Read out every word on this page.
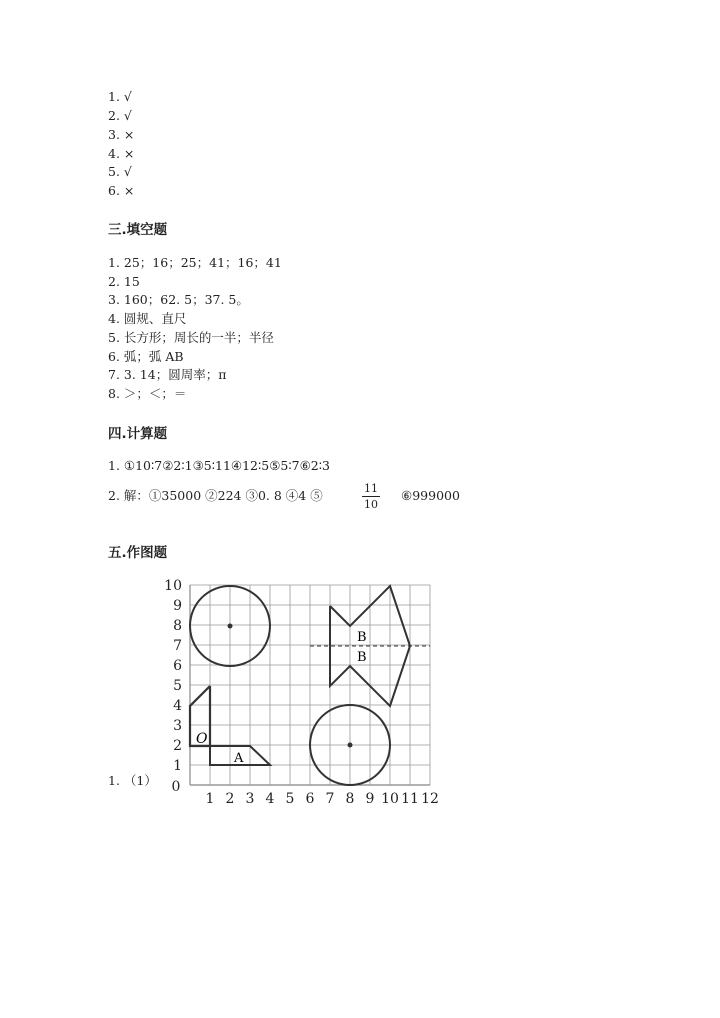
1. √
2. √
3. ×
4. ×
5. √
6. ×
三.填空题
1. 25；16；25；41；16；41
2. 15
3. 160；62. 5；37. 5。
4. 圆规、直尺
5. 长方形；周长的一半；半径
6. 弧；弧 AB
7. 3. 14；圆周率；π
8. ＞；＜；＝
四.计算题
1. ①10∶7②2∶1③5∶11④12∶5⑤5∶7⑥2∶3
2. 解：①35000 ②224 ③0. 8 ④4 ⑤	11
10
⑥999000
五.作图题
1. （1）
O
A
B
B
0
1 2 3 4 5 6 7 8 9 10 11 12
1
2
3
4
5
6
7
8
9
10
